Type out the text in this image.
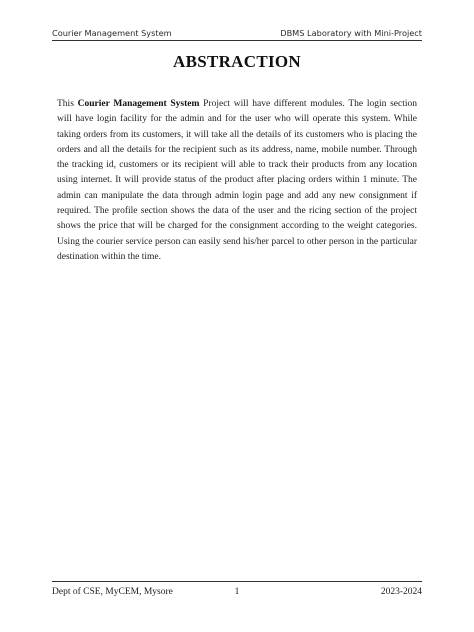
Courier Management System	DBMS Laboratory with Mini-Project
ABSTRACTION

This Courier Management System Project will have different modules. The login section will have login facility for the admin and for the user who will operate this system. While taking orders from its customers, it will take all the details of its customers who is placing the orders and all the details for the recipient such as its address, name, mobile number. Through the tracking id, customers or its recipient will able to track their products from any location using internet. It will provide status of the product after placing orders within 1 minute. The admin can manipulate the data through admin login page and add any new consignment if required. The profile section shows the data of the user and the ricing section of the project shows the price that will be charged for the consignment according to the weight categories. Using the courier service person can easily send his/her parcel to other person in the particular destination within the time.

Dept of CSE, MyCEM, Mysore	1	2023-2024
